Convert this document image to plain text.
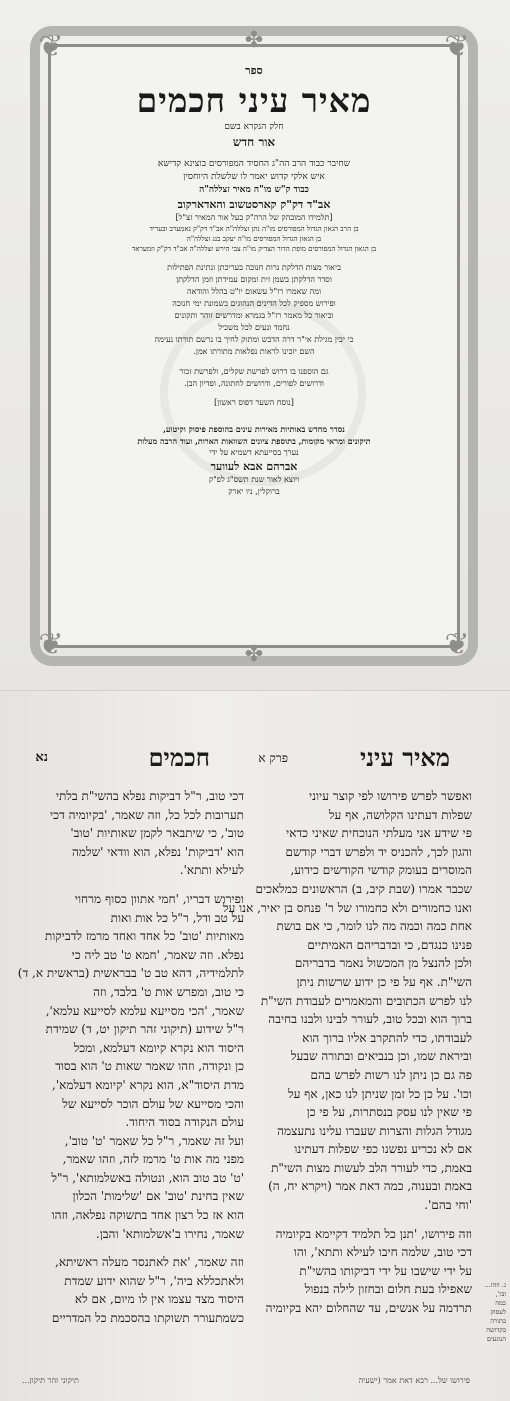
❦	❦
❦	❦
✤
✤
ספר
מאיר עיני חכמים
חלק הנקרא בשם
אור חדש
שחיבר כבוד הרב הה"ג החסיד המפורסים בוצינא קדישא
איש אלקי קדוש יאמר לו שלשלת היוחסין
כבוד ק"ש מו"ה מאיר זצללה"ה
אב"ד דק"ק קארסטשוב והאדארקוב
[תלמידו המובהק של הרה"ק בעל אור המאיר זצ"ל]
בן הרב הגאון הגדול המפורסים מו"ה נתן זצללה"ה אב"ד דק"ק נאמערב ובעריד
בן הגאון הגדול המפורסים מו"ה יעקב בנג זצללה"ה
בן הגאון הגדול המפורסים מופת הדור הצדיק מו"ה צבי הירש זצללה"ה אב"ד דק"ק וזמעראד
ביאור מצות הדלקת נרות חנוכה בעריכתן ונתינת הפתילות
וסדר הדלקתן בשמן זית ומקום עמידתן וזמן הדלקתן
ומה שאמרו רז"ל עשאום יו"ט בהלל והודאה
ופירוש מספיק לכל הדינים הנהוגים בשמונת ימי חנוכה
וביאור כל מאמר רז"ל בגמרא ומדרשים זוהר ותקונים
נחמד ונעים לכל משכיל
כי יבין מגילת אי"ר דרה הדבש ומתוק לחיך בו נרשם תורתו נעימה
השם יזכינו לראות נפלאות מתורתו אמן.
גם הוספנו בו דרוש לפרשת שקלים, ולפרשת זכור
ודרושים לפורים, ודרושים לחתונה, ופדיון הבן.
[נוסח השער דפוס ראשון]
נסדר מחדש באותיות מאירות עינים בהוספת פיסוק וקיטוע,
תיקונים ומראי מקומות, בתוספת ציונים השוואות הארות, ועוד הרבה מעלות
נערך בסייעתא דשמיא על ידי
אברהם אבא לעווער
ויוצא לאור שנת תשס"ג לפ"ק
ברוקלין, ניו יארק
מאיר עיני
פרק א
חכמים
נא
ואפשר לפרש פירושו לפי קוצר עיוני
שפלות דעתינו הקלושה, אף על
פי שידע אני מעלתי הנוכחית שאיני כדאי
והגון לכך, להכניס יד ולפרש דברי קודשם
המוסרים בעומק קודשי הקודשים כידוע,
שכבר אמרו (שבת קיב, ב) הראשונים כמלאכים
ואנו כחמורים ולא כחמורו של ר' פנחס בן יאיר, אנו על
אחת כמה וכמה מה לנו לומר, כי אם בושת
פנינו כנגדם, כי ובדבריהם האמיתיים
ולכן להנצל מן המכשול נאמר בדבריהם
השי"ת. אף על פי כן ידוע שרשות ניתן
לנו לפרש הכתובים והמאמרים לעבודת השי"ת
ברוך הוא ובכל טוב, לעורר לבינו ולבנו בחיבה
לעבודתו, כדי להתקרב אליו ברוך הוא
וביראת שמו, וכן בנביאים ובתורה שבעל
פה גם כן ניתן לנו רשות לפרש בהם
וכו'. על כן כל זמן שניתן לנו כאן, אף על
פי שאין לנו עסק בנסתרות, על פי כן
מגודל הגלות והצרות שעברו עלינו נתעצמה
אם לא נכריע נפשנו כפי שפלות דעתינו
באמת, כדי לעורר הלב לעשות מצות השי"ת
באמת ובענוה, כמה דאת אמר (ויקרא יח, ה)
'וחי בהם'.
וזה פירושו, 'תנן כל תלמיד דקיימא בקיומיה
דכי טוב, שלמה חיבו לעילא ותתא', והו
על ידי שישבו על ידי דביקותו בהשי"ת
שאפילו בעת חלום ובחזון לילה בנפול
תרדמה על אנשים, עד שהחלום יהא בקיומיה
דכי טוב, ר"ל דביקות נפלא בהשי"ת בלתי
תערובות לכל כל, וזה שאמר, 'בקיומיה דכי
טוב', כי שיתבאר לקמן שאותיות 'טוב'
הוא 'דביקות' נפלא, הוא וודאי 'שלמה
לעילא ותתא'.
ופירוש דבריו, 'חמי אתוון כסוף מרחוי
על טב ודל, ר"ל כל אות ואות
מאותיות 'טוב' כל אחד ואחד מרמז לדביקות
נפלא. וזה שאמר, 'חמא ט' טב ליה כי
לתלמידיה, דהא טב ט' בבראשית (בראשית א, ד)
כי טוב, ומפרש אות ט' בלבד, וזה
שאמר, 'הכי מסייעא עלמא לסייעא עלמא',
ר"ל שידוע (תיקוני זהר תיקון יט, ד) שמידת
היסוד הוא נקרא קיומא דעלמא, ומכל
כן ונקודה, וזהו שאמר שאות ט' הוא בסוד
מדת היסוד"א, הוא נקרא 'קיומא דעלמא',
והכי מסייעא של עולם הוכר לסייעא של
עולם הנקודה בסוד היחוד.
ועל זה שאמר, ר"ל כל שאמר 'ט' טוב',
מפני מה אות ט' מרמז לזה, וזהו שאמר,
'ט' טב טוב הוא, ונטולה באשלמותא', ר"ל
שאין בחינת 'טוב' אם 'שלימות' הכלון
הוא אז כל רצון אחד בתשוקה נפלאה, וזהו
שאמר, נחירו ב'אשלמותא' והבן.
וזה שאמר, 'את לאתנסר מעלה ראשיתא,
ולאתכללא ביה', ר"ל שהוא ידוע שמדת
היסוד מצד עצמו אין לו מיום, אם לא
כשמתעורר תשוקתו בהסכמת כל המדריים
ג. וזהו... ובו',
כמה
לעסוק
בתורה
בקדושה
הנוגעים
פירושו של... רבא דאת אמר (ישעיה
תיקוני זהר תיקון...
